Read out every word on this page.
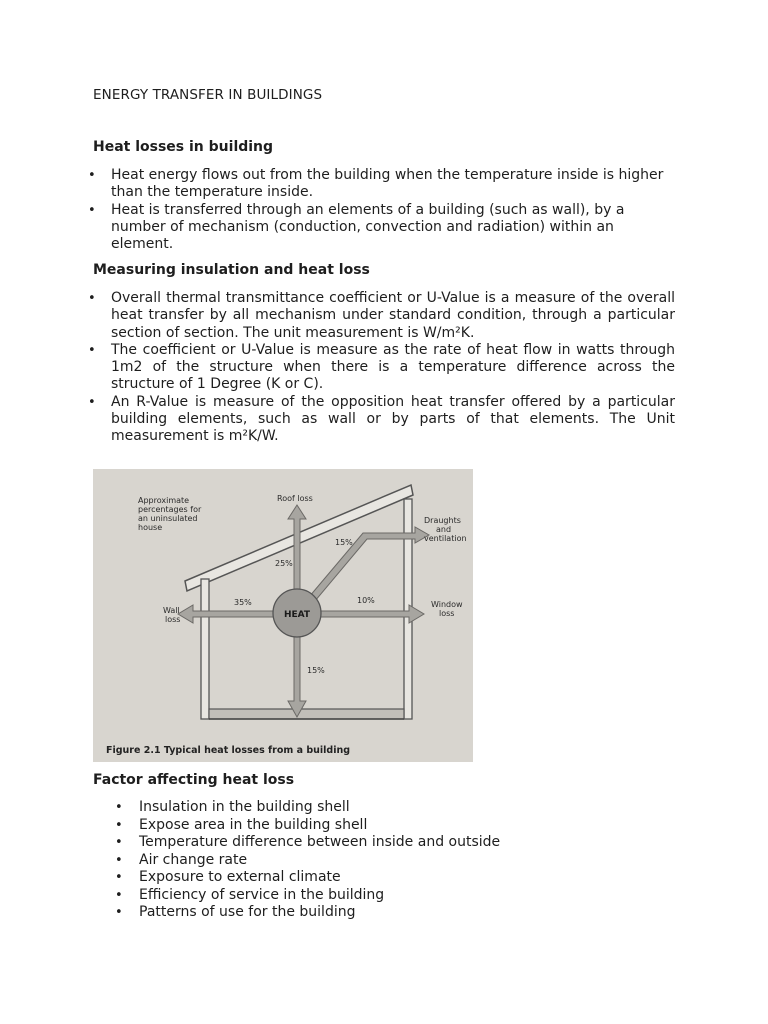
ENERGY TRANSFER IN BUILDINGS
Heat losses in building
• Heat energy flows out from the building when the temperature inside is higher than the temperature inside.
• Heat is transferred through an elements of a building (such as wall), by a number of mechanism (conduction, convection and radiation) within an element.
Measuring insulation and heat loss
• Overall thermal transmittance coefficient or U-Value is a measure of the overall heat transfer by all mechanism under standard condition, through a particular section of section. The unit measurement is W/m²K.
• The coefficient or U-Value is measure as the rate of heat flow in watts through 1m2 of the structure when there is a temperature difference across the structure of 1 Degree (K or C).
• An R-Value is measure of the opposition heat transfer offered by a particular building elements, such as wall or by parts of that elements. The Unit measurement is m²K/W.
HEAT
Approximate
percentages for
an uninsulated
house
Roof loss
25%
Draughts
and
ventilation
15%
Wall
loss
35%	Window
loss
10%
15%
Figure 2.1 Typical heat losses from a building
Factor affecting heat loss
• Insulation in the building shell
• Expose area in the building shell
• Temperature difference between inside and outside
• Air change rate
• Exposure to external climate
• Efficiency of service in the building
• Patterns of use for the building
